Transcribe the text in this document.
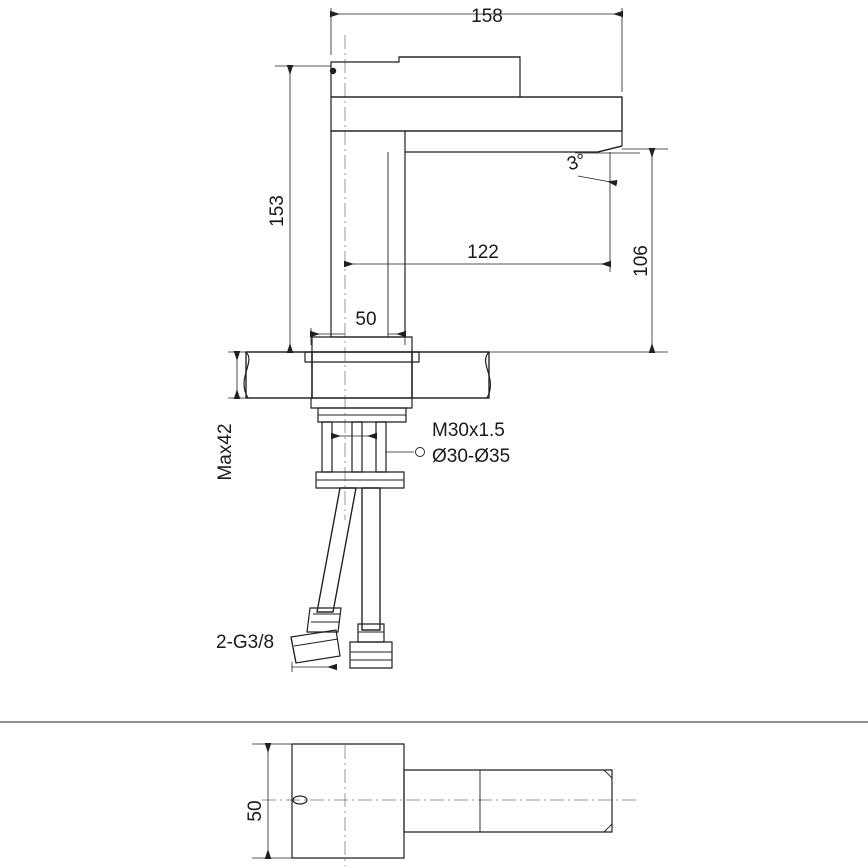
158
153
122	106
3°
50
Max42	M30x1.5
Ø30-Ø35
2-G3/8
50
